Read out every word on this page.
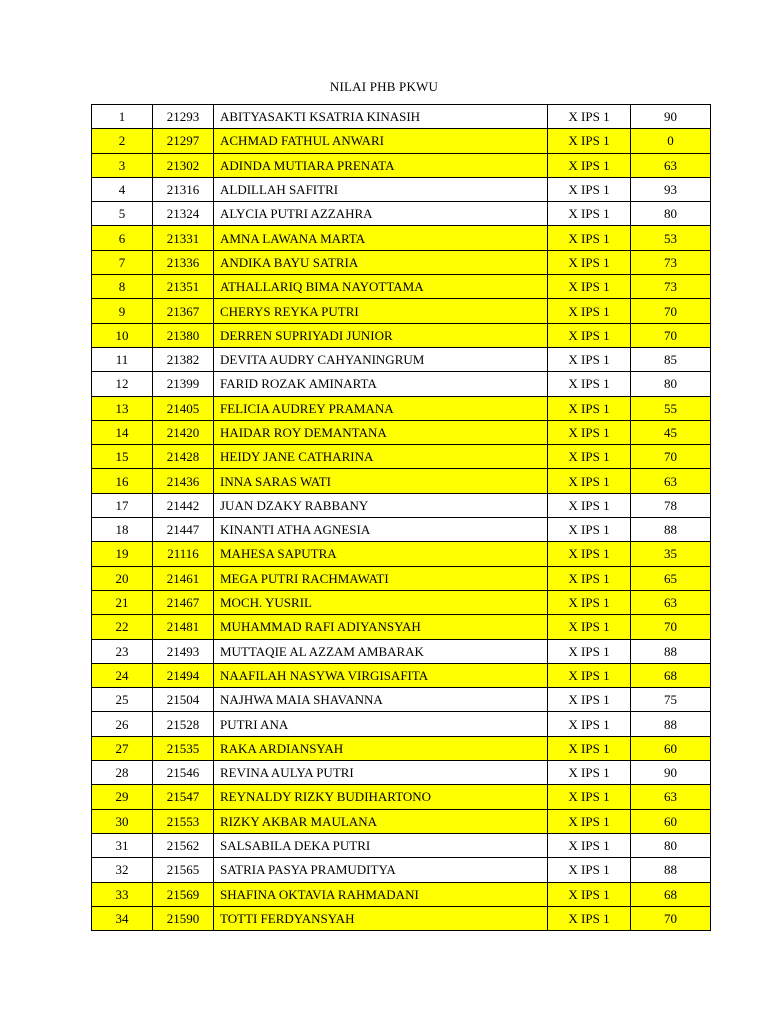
NILAI PHB PKWU
1	21293	ABITYASAKTI KSATRIA KINASIH	X IPS 1	90
2	21297	ACHMAD FATHUL ANWARI	X IPS 1	0
3	21302	ADINDA MUTIARA PRENATA	X IPS 1	63
4	21316	ALDILLAH SAFITRI	X IPS 1	93
5	21324	ALYCIA PUTRI AZZAHRA	X IPS 1	80
6	21331	AMNA LAWANA MARTA	X IPS 1	53
7	21336	ANDIKA BAYU SATRIA	X IPS 1	73
8	21351	ATHALLARIQ BIMA NAYOTTAMA	X IPS 1	73
9	21367	CHERYS REYKA PUTRI	X IPS 1	70
10	21380	DERREN SUPRIYADI JUNIOR	X IPS 1	70
11	21382	DEVITA AUDRY CAHYANINGRUM	X IPS 1	85
12	21399	FARID ROZAK AMINARTA	X IPS 1	80
13	21405	FELICIA AUDREY PRAMANA	X IPS 1	55
14	21420	HAIDAR ROY DEMANTANA	X IPS 1	45
15	21428	HEIDY JANE CATHARINA	X IPS 1	70
16	21436	INNA SARAS WATI	X IPS 1	63
17	21442	JUAN DZAKY RABBANY	X IPS 1	78
18	21447	KINANTI ATHA AGNESIA	X IPS 1	88
19	21116	MAHESA SAPUTRA	X IPS 1	35
20	21461	MEGA PUTRI RACHMAWATI	X IPS 1	65
21	21467	MOCH. YUSRIL	X IPS 1	63
22	21481	MUHAMMAD RAFI ADIYANSYAH	X IPS 1	70
23	21493	MUTTAQIE AL AZZAM AMBARAK	X IPS 1	88
24	21494	NAAFILAH NASYWA VIRGISAFITA	X IPS 1	68
25	21504	NAJHWA MAIA SHAVANNA	X IPS 1	75
26	21528	PUTRI ANA	X IPS 1	88
27	21535	RAKA ARDIANSYAH	X IPS 1	60
28	21546	REVINA AULYA PUTRI	X IPS 1	90
29	21547	REYNALDY RIZKY BUDIHARTONO	X IPS 1	63
30	21553	RIZKY AKBAR MAULANA	X IPS 1	60
31	21562	SALSABILA DEKA PUTRI	X IPS 1	80
32	21565	SATRIA PASYA PRAMUDITYA	X IPS 1	88
33	21569	SHAFINA OKTAVIA RAHMADANI	X IPS 1	68
34	21590	TOTTI FERDYANSYAH	X IPS 1	70
